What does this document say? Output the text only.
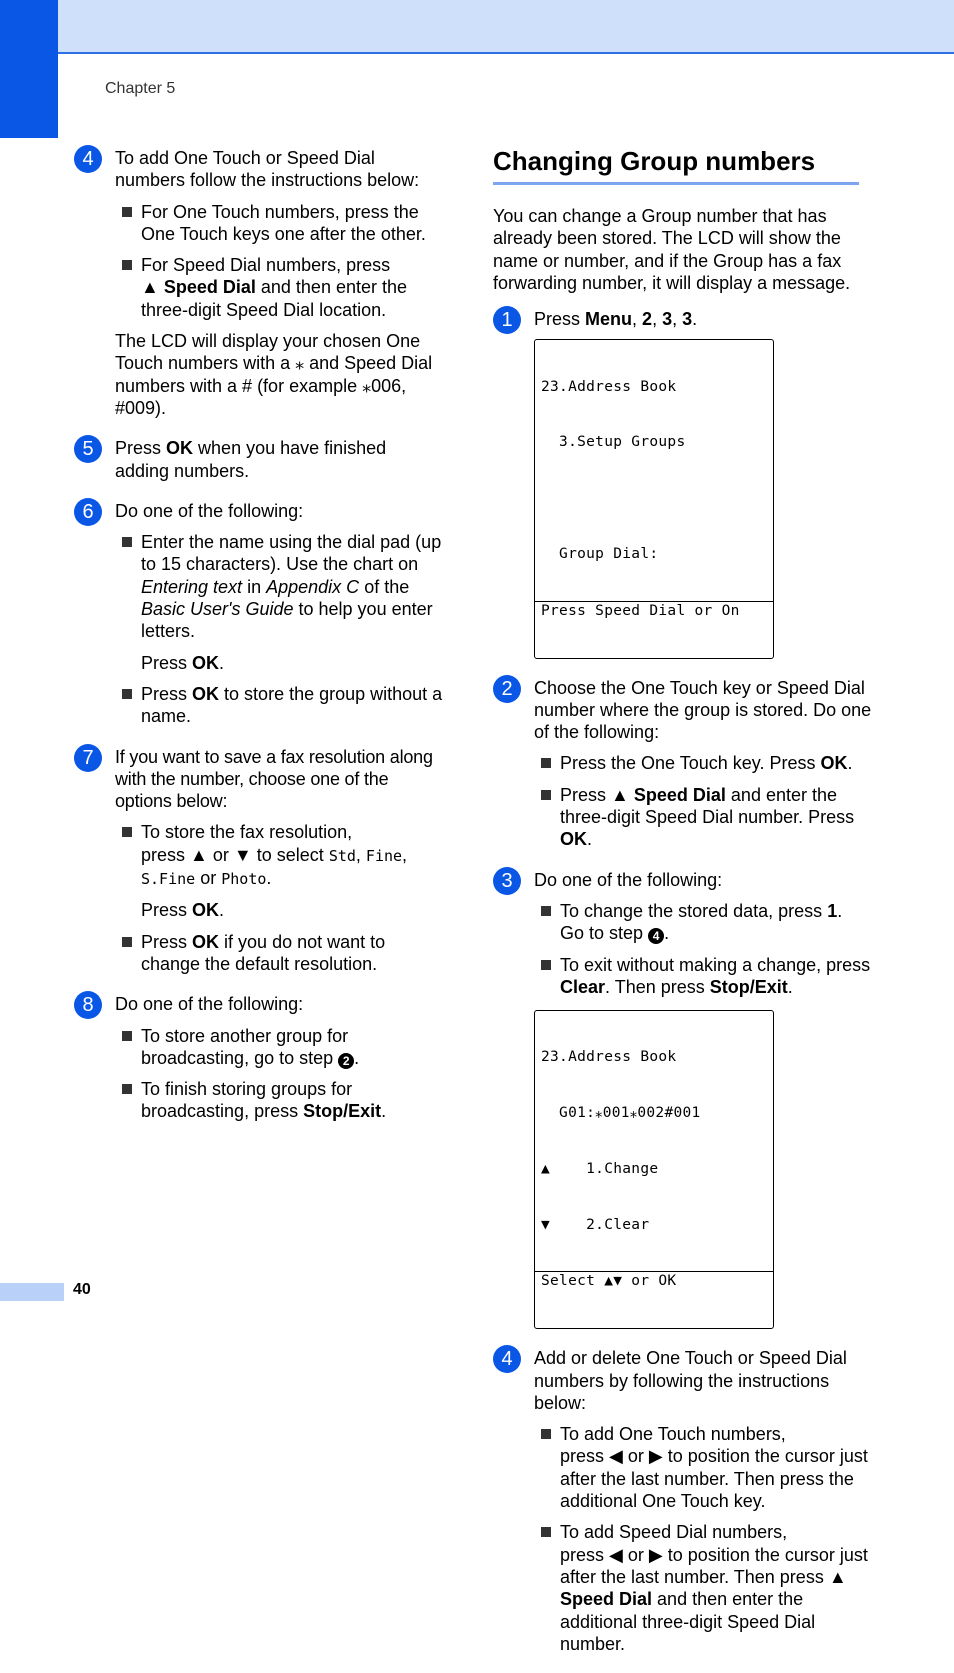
Chapter 5
4	To add One Touch or Speed Dial numbers follow the instructions below:

For One Touch numbers, press the One Touch keys one after the other.

For Speed Dial numbers, press
▲ Speed Dial and then enter the three-digit Speed Dial location.

The LCD will display your chosen One Touch numbers with a ⁎ and Speed Dial numbers with a # (for example ⁎006, #009).

5	Press OK when you have finished adding numbers.

6	Do one of the following:

Enter the name using the dial pad (up to 15 characters). Use the chart on Entering text in Appendix C of the Basic User's Guide to help you enter letters.

Press OK.

Press OK to store the group without a name.

7	If you want to save a fax resolution along with the number, choose one of the options below:

To store the fax resolution,
press ▲ or ▼ to select Std, Fine,
S.Fine or Photo.

Press OK.

Press OK if you do not want to change the default resolution.

8	Do one of the following:

To store another group for broadcasting, go to step 2 .

To finish storing groups for broadcasting, press Stop/Exit.

Changing Group numbers

You can change a Group number that has already been stored. The LCD will show the name or number, and if the Group has a fax forwarding number, it will display a message.

1	Press Menu, 2, 3, 3.

23.Address Book

3.Setup Groups

Group Dial:

Press Speed Dial or On

2	Choose the One Touch key or Speed Dial number where the group is stored. Do one of the following:

Press the One Touch key. Press OK.

Press ▲ Speed Dial and enter the three-digit Speed Dial number. Press OK.

3	Do one of the following:

To change the stored data, press 1.
Go to step 4 .

To exit without making a change, press Clear. Then press Stop/Exit.

23.Address Book

G01:⁎001⁎002#001

▲    1.Change

▼    2.Clear

Select ▲▼ or OK

4	Add or delete One Touch or Speed Dial numbers by following the instructions below:

To add One Touch numbers,
press ◀ or ▶ to position the cursor just after the last number. Then press the additional One Touch key.

To add Speed Dial numbers,
press ◀ or ▶ to position the cursor just after the last number. Then press ▲ Speed Dial and then enter the additional three-digit Speed Dial number.

40
